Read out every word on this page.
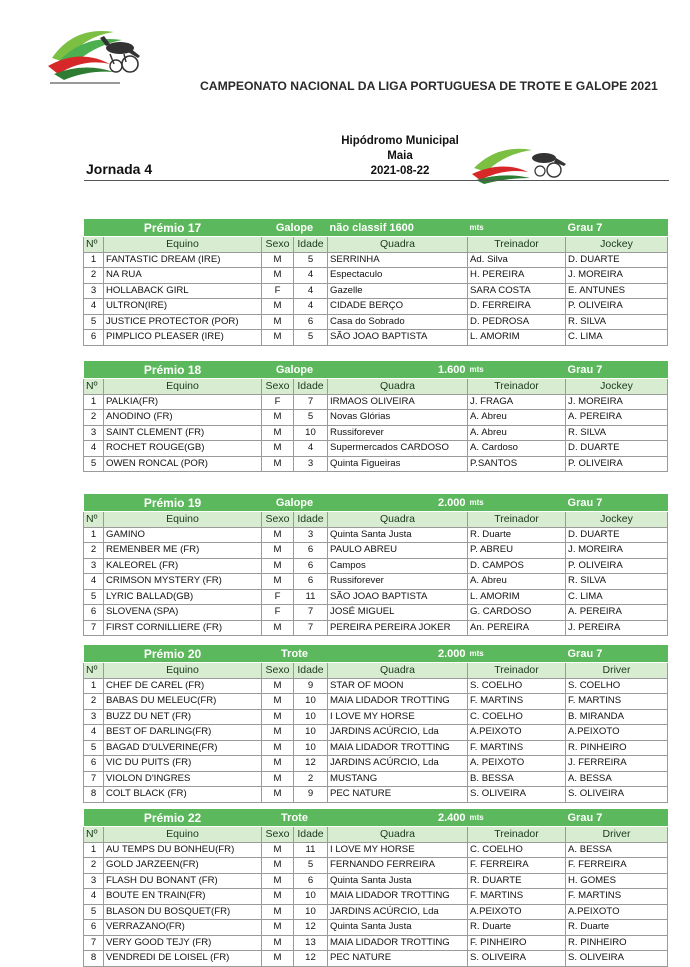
CAMPEONATO NACIONAL DA LIGA PORTUGUESA DE TROTE E GALOPE 2021
Hipódromo Municipal
Maia
2021-08-22
Jornada 4
Prémio 17		Galope		não classif 1600	mts	Grau 7
Nº	Equino	Sexo	Idade	Quadra	Treinador	Jockey
1	FANTASTIC DREAM (IRE)	M	5	SERRINHA	Ad. Silva	D. DUARTE
2	NA RUA	M	4	Espectaculo	H. PEREIRA	J. MOREIRA
3	HOLLABACK GIRL	F	4	Gazelle	SARA COSTA	E. ANTUNES
4	ULTRON(IRE)	M	4	CIDADE BERÇO	D. FERREIRA	P. OLIVEIRA
5	JUSTICE PROTECTOR (POR)	M	6	Casa do Sobrado	D. PEDROSA	R. SILVA
6	PIMPLICO PLEASER (IRE)	M	5	SÃO JOAO BAPTISTA	L. AMORIM	C. LIMA
Prémio 18		Galope		1.600	mts	Grau 7
Nº	Equino	Sexo	Idade	Quadra	Treinador	Jockey
1	PALKIA(FR)	F	7	IRMAOS OLIVEIRA	J. FRAGA	J. MOREIRA
2	ANODINO (FR)	M	5	Novas Glórias	A. Abreu	A. PEREIRA
3	SAINT CLEMENT (FR)	M	10	Russiforever	A. Abreu	R. SILVA
4	ROCHET ROUGE(GB)	M	4	Supermercados CARDOSO	A. Cardoso	D. DUARTE
5	OWEN RONCAL (POR)	M	3	Quinta Figueiras	P.SANTOS	P. OLIVEIRA
Prémio 19		Galope		2.000	mts	Grau 7
Nº	Equino	Sexo	Idade	Quadra	Treinador	Jockey
1	GAMINO	M	3	Quinta Santa Justa	R. Duarte	D. DUARTE
2	REMENBER ME (FR)	M	6	PAULO ABREU	P. ABREU	J. MOREIRA
3	KALEOREL (FR)	M	6	Campos	D. CAMPOS	P. OLIVEIRA
4	CRIMSON MYSTERY (FR)	M	6	Russiforever	A. Abreu	R. SILVA
5	LYRIC BALLAD(GB)	F	11	SÃO JOAO BAPTISTA	L. AMORIM	C. LIMA
6	SLOVENA (SPA)	F	7	JOSÉ MIGUEL	G. CARDOSO	A. PEREIRA
7	FIRST CORNILLIERE (FR)	M	7	PEREIRA PEREIRA JOKER	An. PEREIRA	J. PEREIRA
Prémio 20		Trote		2.000	mts	Grau 7
Nº	Equino	Sexo	Idade	Quadra	Treinador	Driver
1	CHEF DE CAREL (FR)	M	9	STAR OF MOON	S. COELHO	S. COELHO
2	BABAS DU MELEUC(FR)	M	10	MAIA LIDADOR TROTTING	F. MARTINS	F. MARTINS
3	BUZZ DU NET (FR)	M	10	I LOVE MY HORSE	C. COELHO	B. MIRANDA
4	BEST OF DARLING(FR)	M	10	JARDINS ACÚRCIO, Lda	A.PEIXOTO	A.PEIXOTO
5	BAGAD D'ULVERINE(FR)	M	10	MAIA LIDADOR TROTTING	F. MARTINS	R. PINHEIRO
6	VIC DU PUITS (FR)	M	12	JARDINS ACÚRCIO, Lda	A. PEIXOTO	J. FERREIRA
7	VIOLON D'INGRES	M	2	MUSTANG	B. BESSA	A. BESSA
8	COLT BLACK (FR)	M	9	PEC NATURE	S. OLIVEIRA	S. OLIVEIRA
Prémio 22		Trote		2.400	mts	Grau 7
Nº	Equino	Sexo	Idade	Quadra	Treinador	Driver
1	AU TEMPS DU BONHEU(FR)	M	11	I LOVE MY HORSE	C. COELHO	A. BESSA
2	GOLD JARZEEN(FR)	M	5	FERNANDO FERREIRA	F. FERREIRA	F. FERREIRA
3	FLASH DU BONANT (FR)	M	6	Quinta Santa Justa	R. DUARTE	H. GOMES
4	BOUTE EN TRAIN(FR)	M	10	MAIA LIDADOR TROTTING	F. MARTINS	F. MARTINS
5	BLASON DU BOSQUET(FR)	M	10	JARDINS ACÚRCIO, Lda	A.PEIXOTO	A.PEIXOTO
6	VERRAZANO(FR)	M	12	Quinta Santa Justa	R. Duarte	R. Duarte
7	VERY GOOD TEJY (FR)	M	13	MAIA LIDADOR TROTTING	F. PINHEIRO	R. PINHEIRO
8	VENDREDI DE LOISEL (FR)	M	12	PEC NATURE	S. OLIVEIRA	S. OLIVEIRA
